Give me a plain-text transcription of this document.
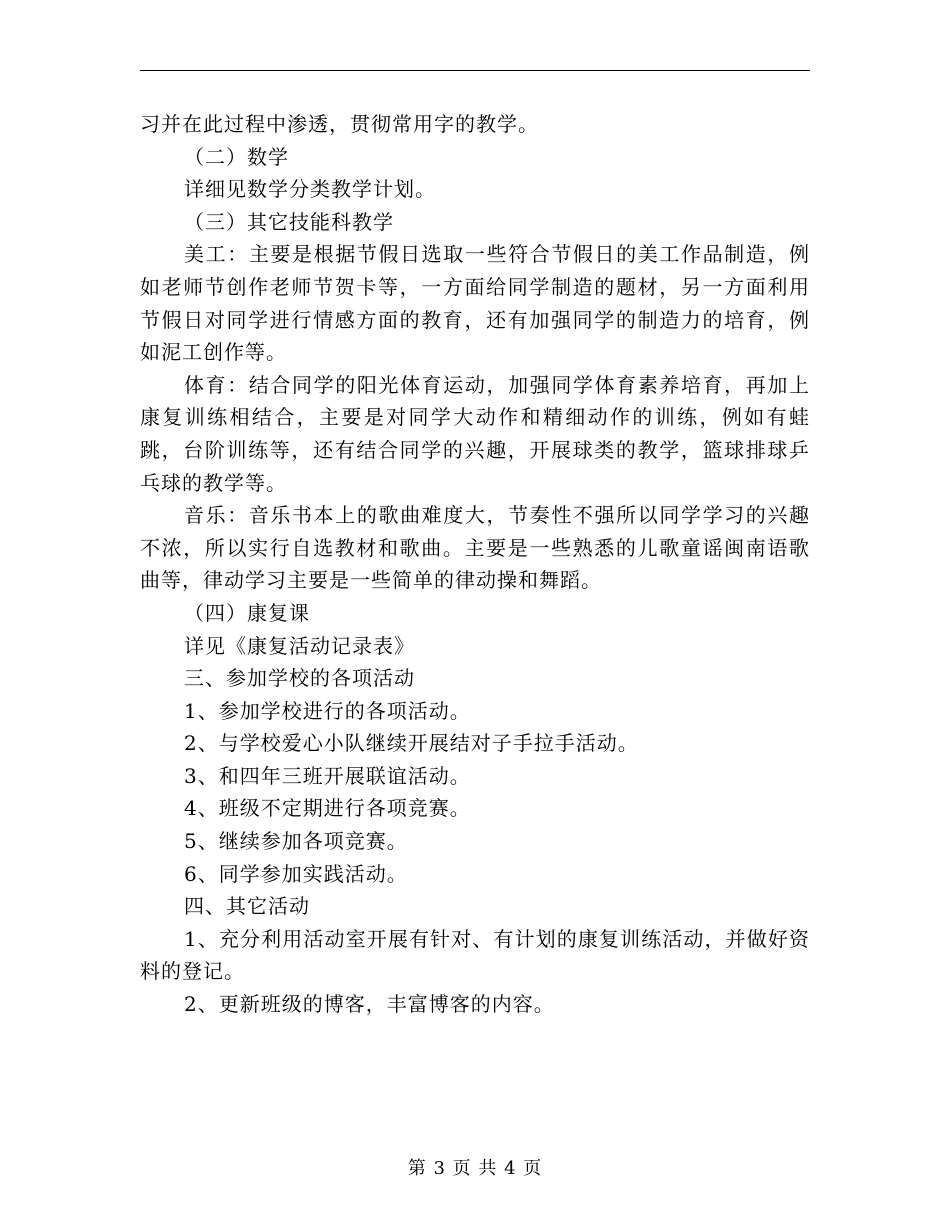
习并在此过程中渗透，贯彻常用字的教学。

（二）数学

详细见数学分类教学计划。

（三）其它技能科教学

美工：主要是根据节假日选取一些符合节假日的美工作品制造，例如老师节创作老师节贺卡等，一方面给同学制造的题材，另一方面利用节假日对同学进行情感方面的教育，还有加强同学的制造力的培育，例如泥工创作等。

体育：结合同学的阳光体育运动，加强同学体育素养培育，再加上康复训练相结合，主要是对同学大动作和精细动作的训练，例如有蛙跳，台阶训练等，还有结合同学的兴趣，开展球类的教学，篮球排球乒乓球的教学等。

音乐：音乐书本上的歌曲难度大，节奏性不强所以同学学习的兴趣不浓，所以实行自选教材和歌曲。主要是一些熟悉的儿歌童谣闽南语歌曲等，律动学习主要是一些简单的律动操和舞蹈。

（四）康复课

详见《康复活动记录表》

三、参加学校的各项活动

1、参加学校进行的各项活动。

2、与学校爱心小队继续开展结对子手拉手活动。

3、和四年三班开展联谊活动。

4、班级不定期进行各项竞赛。

5、继续参加各项竞赛。

6、同学参加实践活动。

四、其它活动

1、充分利用活动室开展有针对、有计划的康复训练活动，并做好资料的登记。

2、更新班级的博客，丰富博客的内容。

第 3 页 共 4 页
